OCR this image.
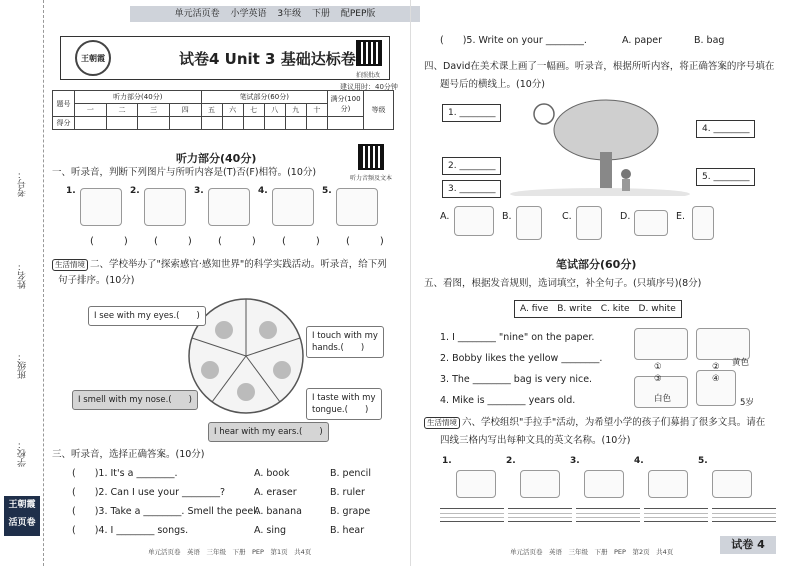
考号：
姓名：
班级：
学校：
王朝霞
活页卷
单元活页卷 小学英语 3年级 下册 配PEP版
王朝霞	试卷4 Unit 3 基础达标卷
拍照批改
建议用时：40分钟
题号	听力部分(40分)				笔试部分(60分)						满分(100分)	等级
	一	二	三	四	五	六	七	八	九	十		
得分												
听力部分(40分)
听力音频及文本
一、听录音，判断下列图片与所听内容是(T)否(F)相符。(10分)
1.	2.	3.	4.	5.
(　) (　) (　) (　) (　)
生活情境 二、学校举办了"探索感官·感知世界"的科学实践活动。听录音，给下列
句子排序。(10分)
I see with my eyes.(　　)
I touch with my
hands.(　　)
I smell with my nose.(　　)	I taste with my
tongue.(　　)
I hear with my ears.(　　)
三、听录音，选择正确答案。(10分)
(　　)1. It's a ________.	A. book	B. pencil
(　　)2. Can I use your ________?	A. eraser	B. ruler
(　　)3. Take a ________. Smell the peel.
A. banana	B. grape
(　　)4. I ________ songs.	A. sing	B. hear
单元活页卷　英语　三年级　下册　PEP　第1页　共4页
(　　)5. Write on your ________.	A. paper	B. bag
四、David在美术课上画了一幅画。听录音，根据所听内容，将正确答案的序号填在
题号后的横线上。(10分)
1. ________
2. ________
3. ________
4. ________
5. ________
A.	B.	C.	D.	E.
笔试部分(60分)
五、看图，根据发音规则，选词填空，补全句子。(只填序号)(8分)
A. five　B. write　C. kite　D. white
1. I ________ "nine" on the paper.
2. Bobby likes the yellow ________.
3. The ________ bag is very nice.
4. Mike is ________ years old.
①	②
③	④
黄色
白色	5岁
生活情境 六、学校组织"手拉手"活动，为希望小学的孩子们募捐了很多文具。请在
四线三格内写出每种文具的英文名称。(10分)
1.	2.	3.	4.	5.
单元活页卷　英语　三年级　下册　PEP　第2页　共4页
试卷 4
